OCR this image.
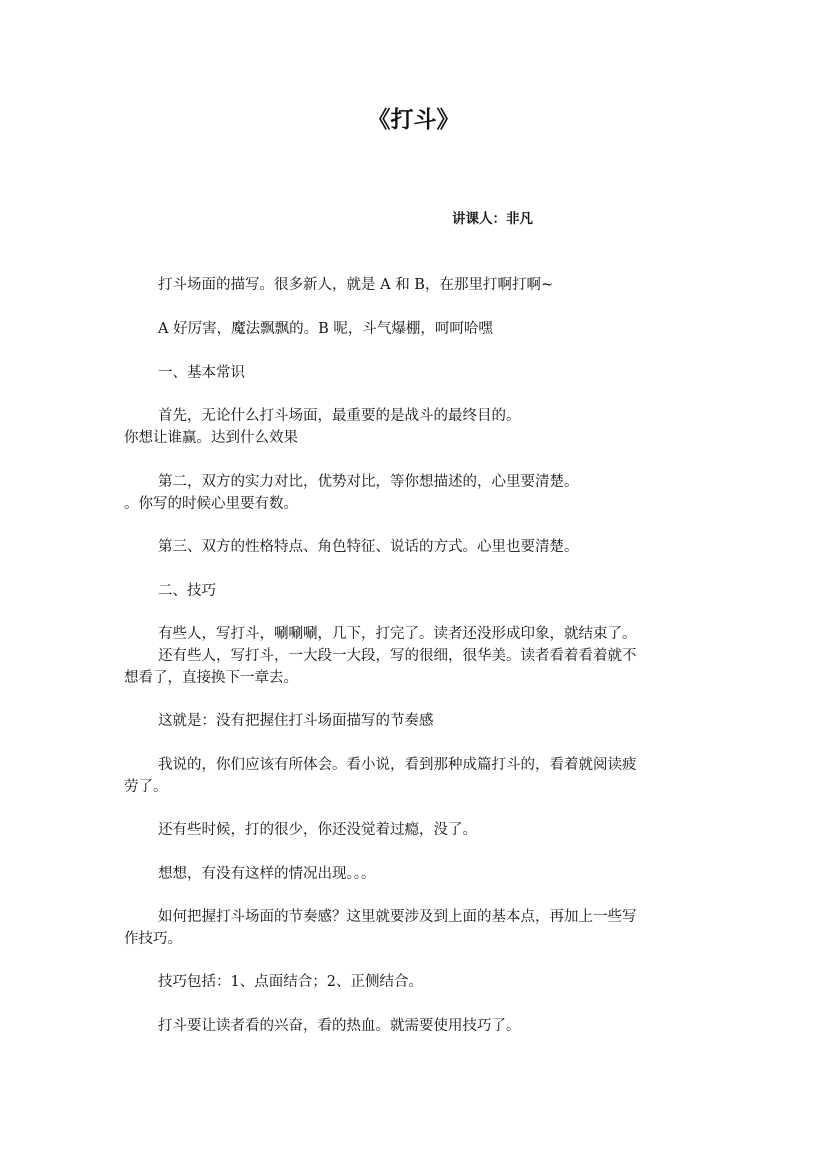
《打斗》
讲课人：非凡
打斗场面的描写。很多新人，就是 A 和 B，在那里打啊打啊~
A 好厉害，魔法飘飘的。B 呢，斗气爆棚，呵呵哈嘿
一、基本常识
首先，无论什么打斗场面，最重要的是战斗的最终目的。
你想让谁赢。达到什么效果
第二，双方的实力对比，优势对比，等你想描述的，心里要清楚。
。你写的时候心里要有数。
第三、双方的性格特点、角色特征、说话的方式。心里也要清楚。
二、技巧
有些人，写打斗，唰唰唰，几下，打完了。读者还没形成印象，就结束了。
还有些人，写打斗，一大段一大段，写的很细，很华美。读者看着看着就不
想看了，直接换下一章去。
这就是：没有把握住打斗场面描写的节奏感
我说的，你们应该有所体会。看小说，看到那种成篇打斗的，看着就阅读疲
劳了。
还有些时候，打的很少，你还没觉着过瘾，没了。
想想，有没有这样的情况出现。。。
如何把握打斗场面的节奏感？这里就要涉及到上面的基本点，再加上一些写
作技巧。
技巧包括：1、点面结合；2、正侧结合。
打斗要让读者看的兴奋，看的热血。就需要使用技巧了。
